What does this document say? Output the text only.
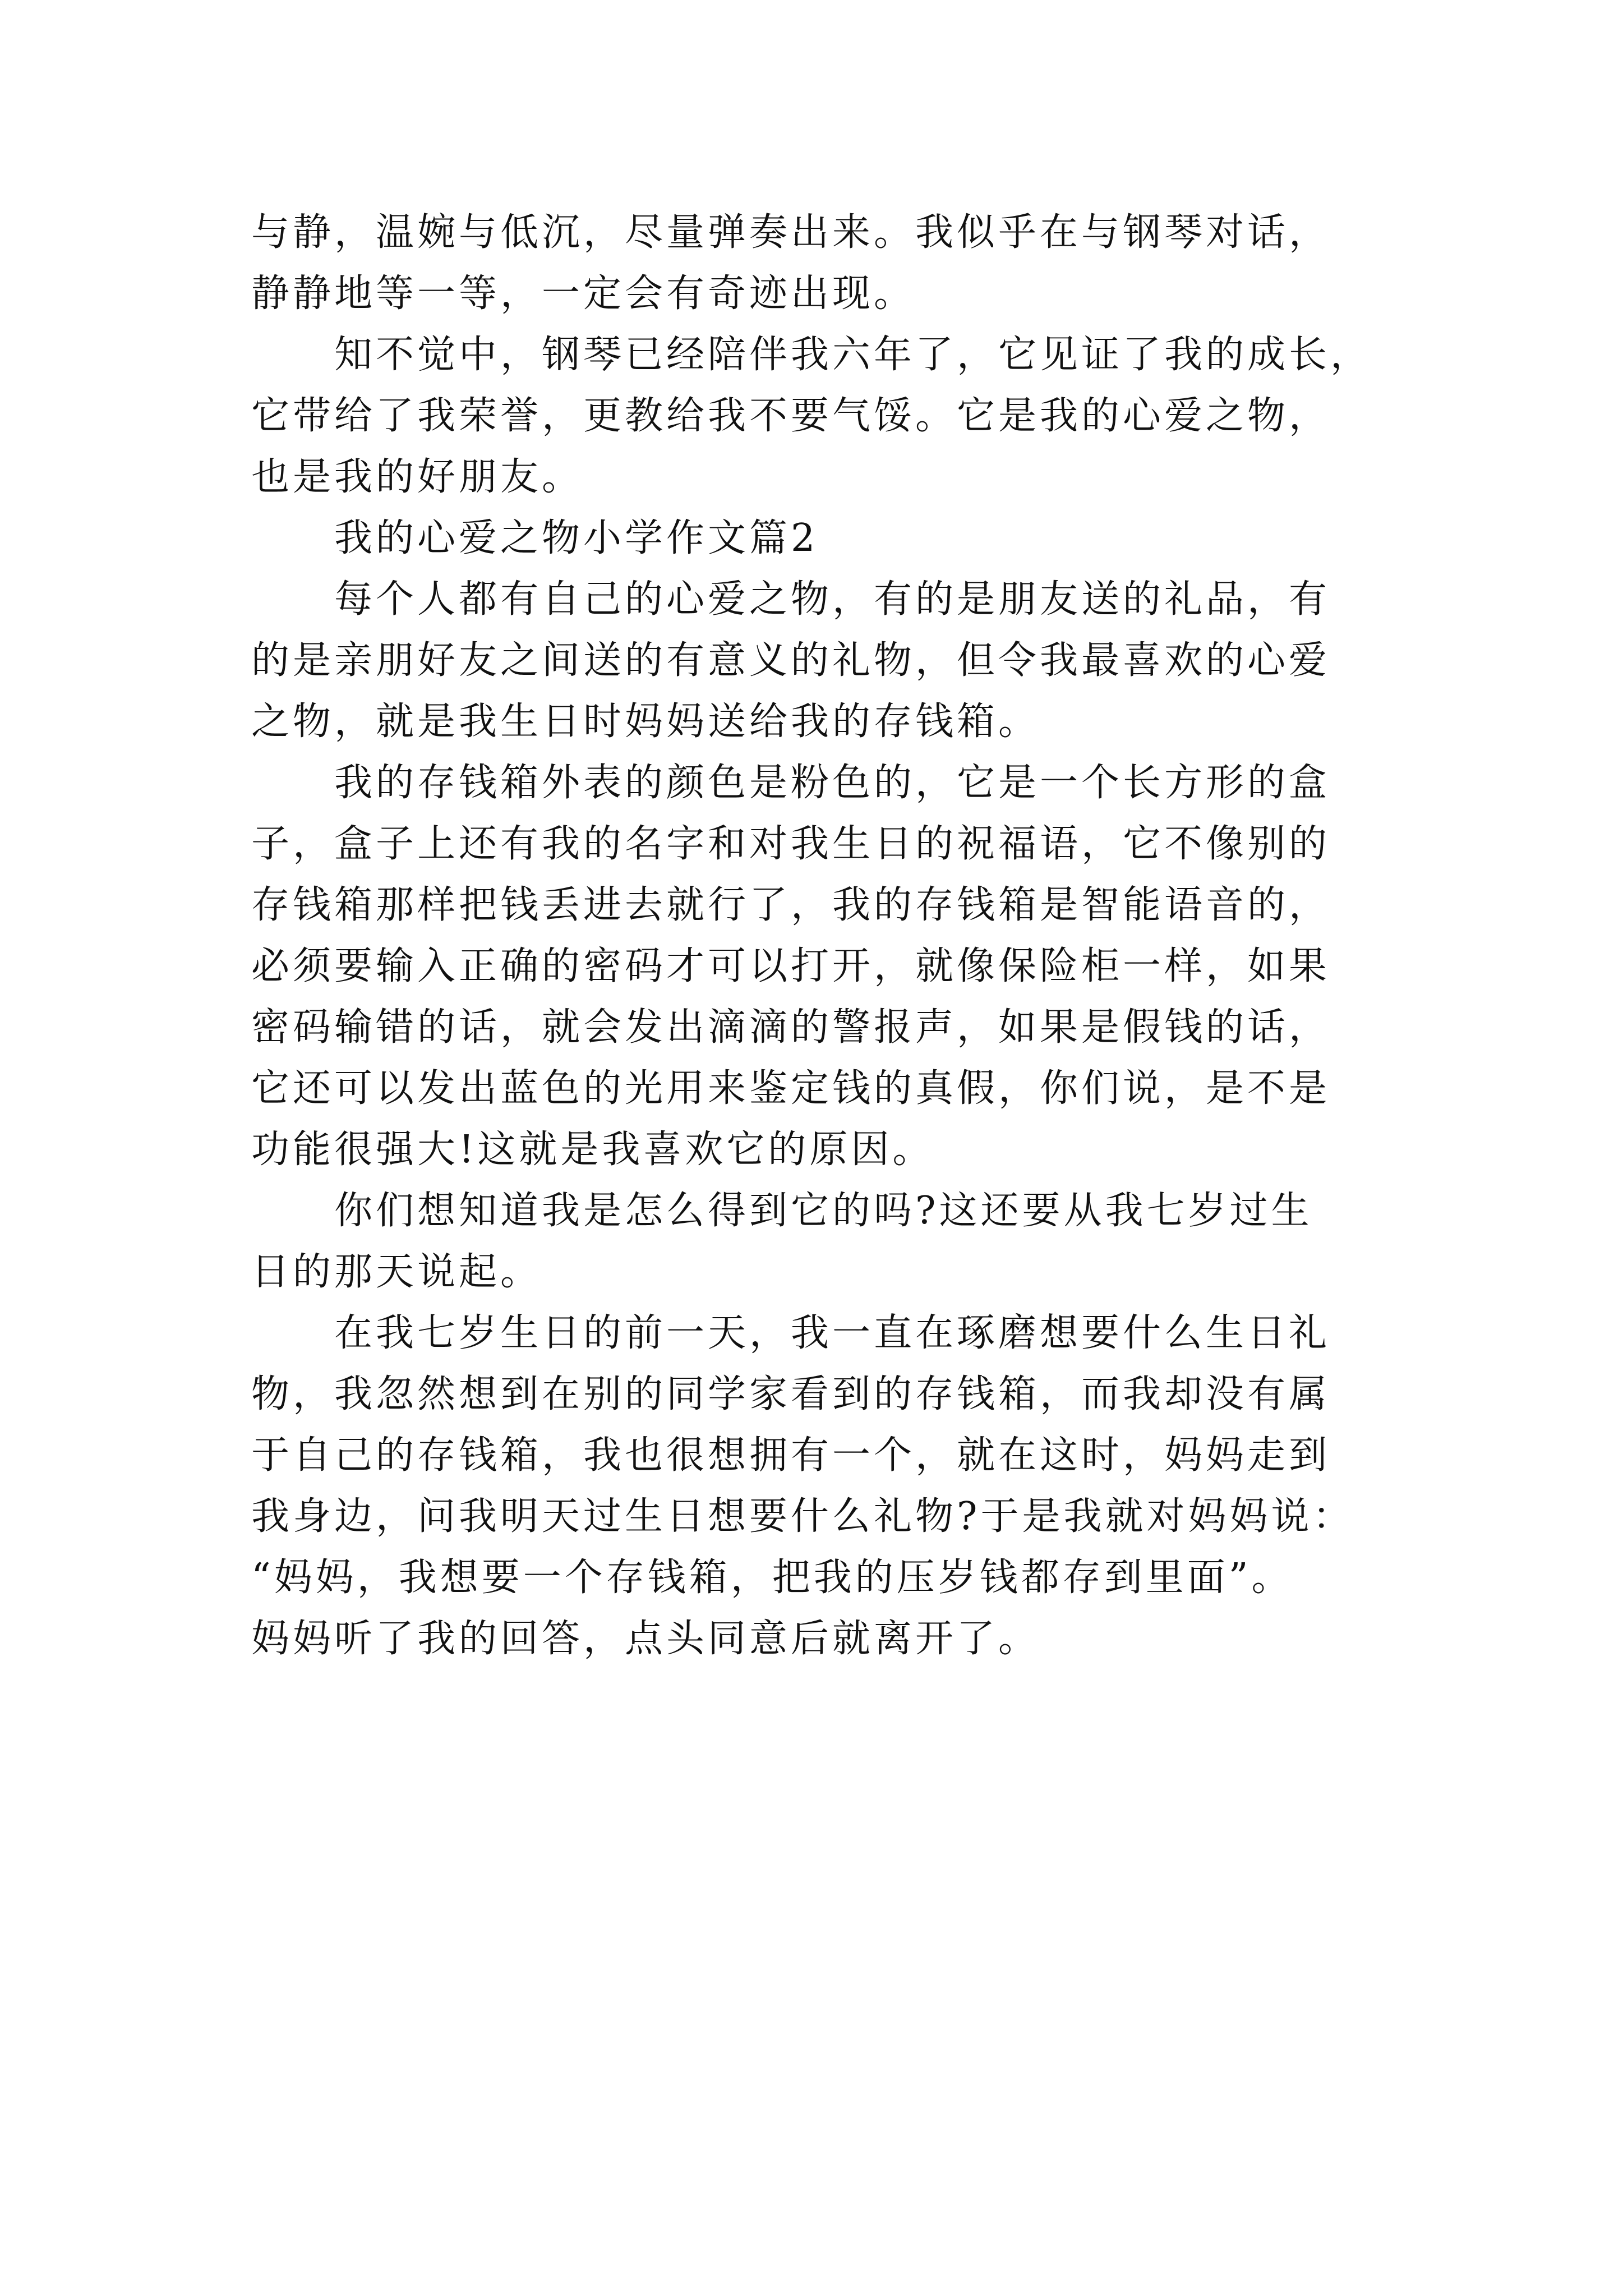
与静，温婉与低沉，尽量弹奏出来。我似乎在与钢琴对话，
静静地等一等，一定会有奇迹出现。
知不觉中，钢琴已经陪伴我六年了，它见证了我的成长，
它带给了我荣誉，更教给我不要气馁。它是我的心爱之物，
也是我的好朋友。
我的心爱之物小学作文篇2
每个人都有自己的心爱之物，有的是朋友送的礼品，有
的是亲朋好友之间送的有意义的礼物，但令我最喜欢的心爱
之物，就是我生日时妈妈送给我的存钱箱。
我的存钱箱外表的颜色是粉色的，它是一个长方形的盒
子，盒子上还有我的名字和对我生日的祝福语，它不像别的
存钱箱那样把钱丢进去就行了，我的存钱箱是智能语音的，
必须要输入正确的密码才可以打开，就像保险柜一样，如果
密码输错的话，就会发出滴滴的警报声，如果是假钱的话，
它还可以发出蓝色的光用来鉴定钱的真假，你们说，是不是
功能很强大!这就是我喜欢它的原因。
你们想知道我是怎么得到它的吗?这还要从我七岁过生
日的那天说起。
在我七岁生日的前一天，我一直在琢磨想要什么生日礼
物，我忽然想到在别的同学家看到的存钱箱，而我却没有属
于自己的存钱箱，我也很想拥有一个，就在这时，妈妈走到
我身边，问我明天过生日想要什么礼物?于是我就对妈妈说：
“妈妈，我想要一个存钱箱，把我的压岁钱都存到里面”。
妈妈听了我的回答，点头同意后就离开了。
